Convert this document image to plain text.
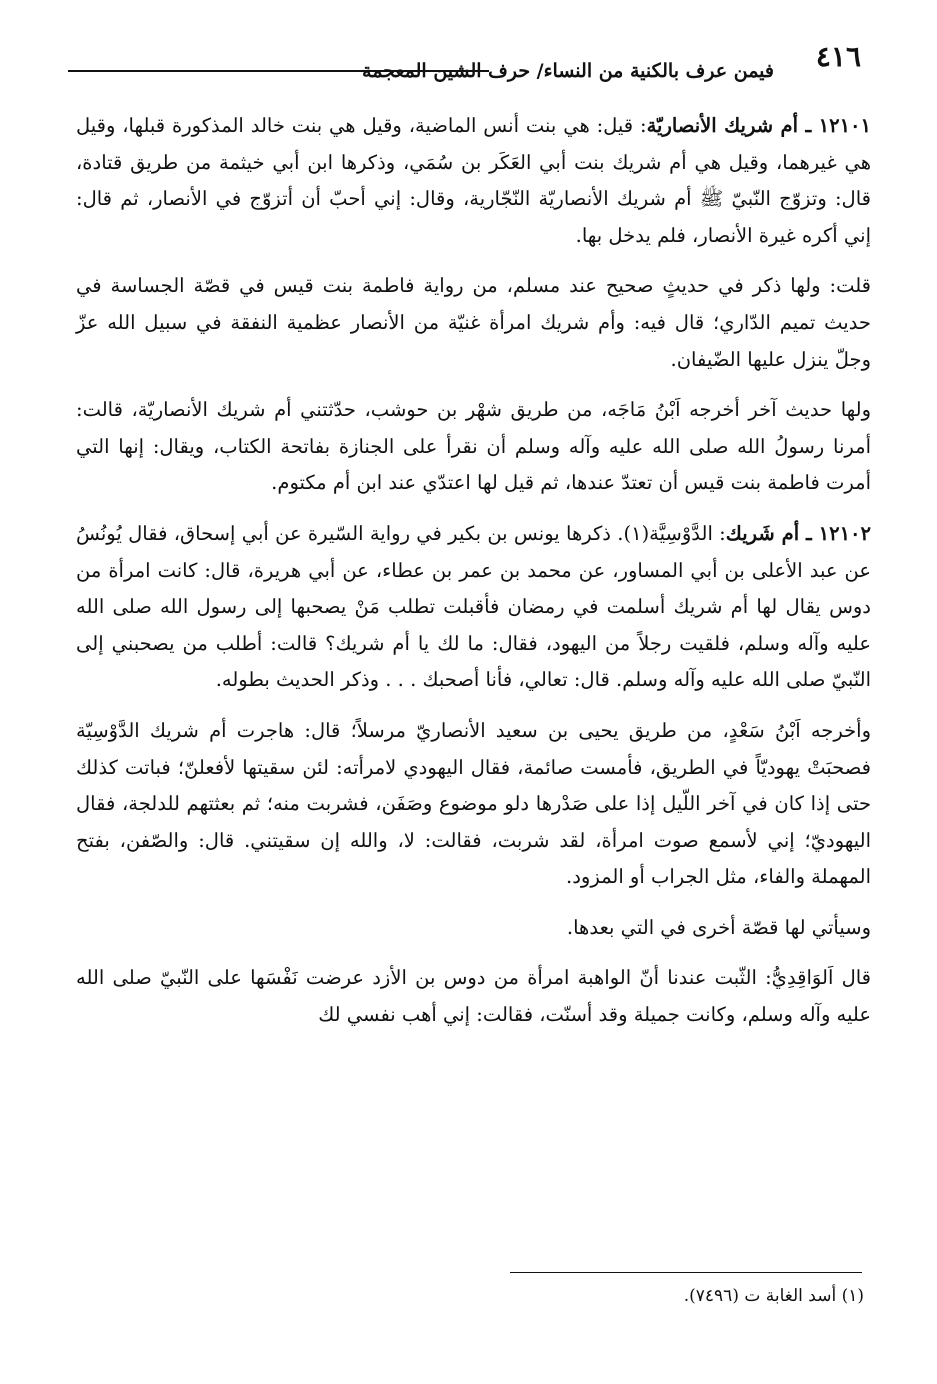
٤١٦
فيمن عرف بالكنية من النساء/ حرف الشين المعجمة

١٢١٠١ ـ أم شريك الأنصاريّة: قيل: هي بنت أنس الماضية، وقيل هي بنت خالد المذكورة قبلها، وقيل هي غيرهما، وقيل هي أم شريك بنت أبي العَكَر بن سُمَي، وذكرها ابن أبي خيثمة من طريق قتادة، قال: وتزوّج النّبيّ ﷺ أم شريك الأنصاريّة النّجّارية، وقال: إني أحبّ أن أتزوّج في الأنصار، ثم قال: إني أكره غيرة الأنصار، فلم يدخل بها.

قلت: ولها ذكر في حديثٍ صحيح عند مسلم، من رواية فاطمة بنت قيس في قصّة الجساسة في حديث تميم الدّاري؛ قال فيه: وأم شريك امرأة غنيّة من الأنصار عظمية النفقة في سبيل الله عزّ وجلّ ينزل عليها الضّيفان.

ولها حديث آخر أخرجه اَبْنُ مَاجَه، من طريق شهْر بن حوشب، حدّثتني أم شريك الأنصاريّة، قالت: أمرنا رسولُ الله صلى الله عليه وآله وسلم أن نقرأ على الجنازة بفاتحة الكتاب، ويقال: إنها التي أمرت فاطمة بنت قيس أن تعتدّ عندها، ثم قيل لها اعتدّي عند ابن أم مكتوم.

١٢١٠٢ ـ أم شَريك: الدَّوْسِيَّة(١). ذكرها يونس بن بكير في رواية السّيرة عن أبي إسحاق، فقال يُونُسُ عن عبد الأعلى بن أبي المساور، عن محمد بن عمر بن عطاء، عن أبي هريرة، قال: كانت امرأة من دوس يقال لها أم شريك أسلمت في رمضان فأقبلت تطلب مَنْ يصحبها إلى رسول الله صلى الله عليه وآله وسلم، فلقيت رجلاً من اليهود، فقال: ما لك يا أم شريك؟ قالت: أطلب من يصحبني إلى النّبيّ صلى الله عليه وآله وسلم. قال: تعالي، فأنا أصحبك . . . وذكر الحديث بطوله.

وأخرجه اَبْنُ سَعْدٍ، من طريق يحيى بن سعيد الأنصاريّ مرسلاً؛ قال: هاجرت أم شريك الدَّوْسِيّة فصحبَتْ يهوديّاً في الطريق، فأمست صائمة، فقال اليهودي لامرأته: لئن سقيتها لأفعلنّ؛ فباتت كذلك حتى إذا كان في آخر اللّيل إذا على صَدْرها دلو موضوع وصَفَن، فشربت منه؛ ثم بعثتهم للدلجة، فقال اليهوديّ؛ إني لأسمع صوت امرأة، لقد شربت، فقالت: لا، والله إن سقيتني. قال: والصّفن، بفتح المهملة والفاء، مثل الجراب أو المزود.

وسيأتي لها قصّة أخرى في التي بعدها.

قال اَلوَاقِدِيُّ: الثّبت عندنا أنّ الواهبة امرأة من دوس بن الأزد عرضت نَفْسَها على النّبيّ صلى الله عليه وآله وسلم، وكانت جميلة وقد أسنّت، فقالت: إني أهب نفسي لك

(١) أسد الغابة ت (٧٤٩٦).
